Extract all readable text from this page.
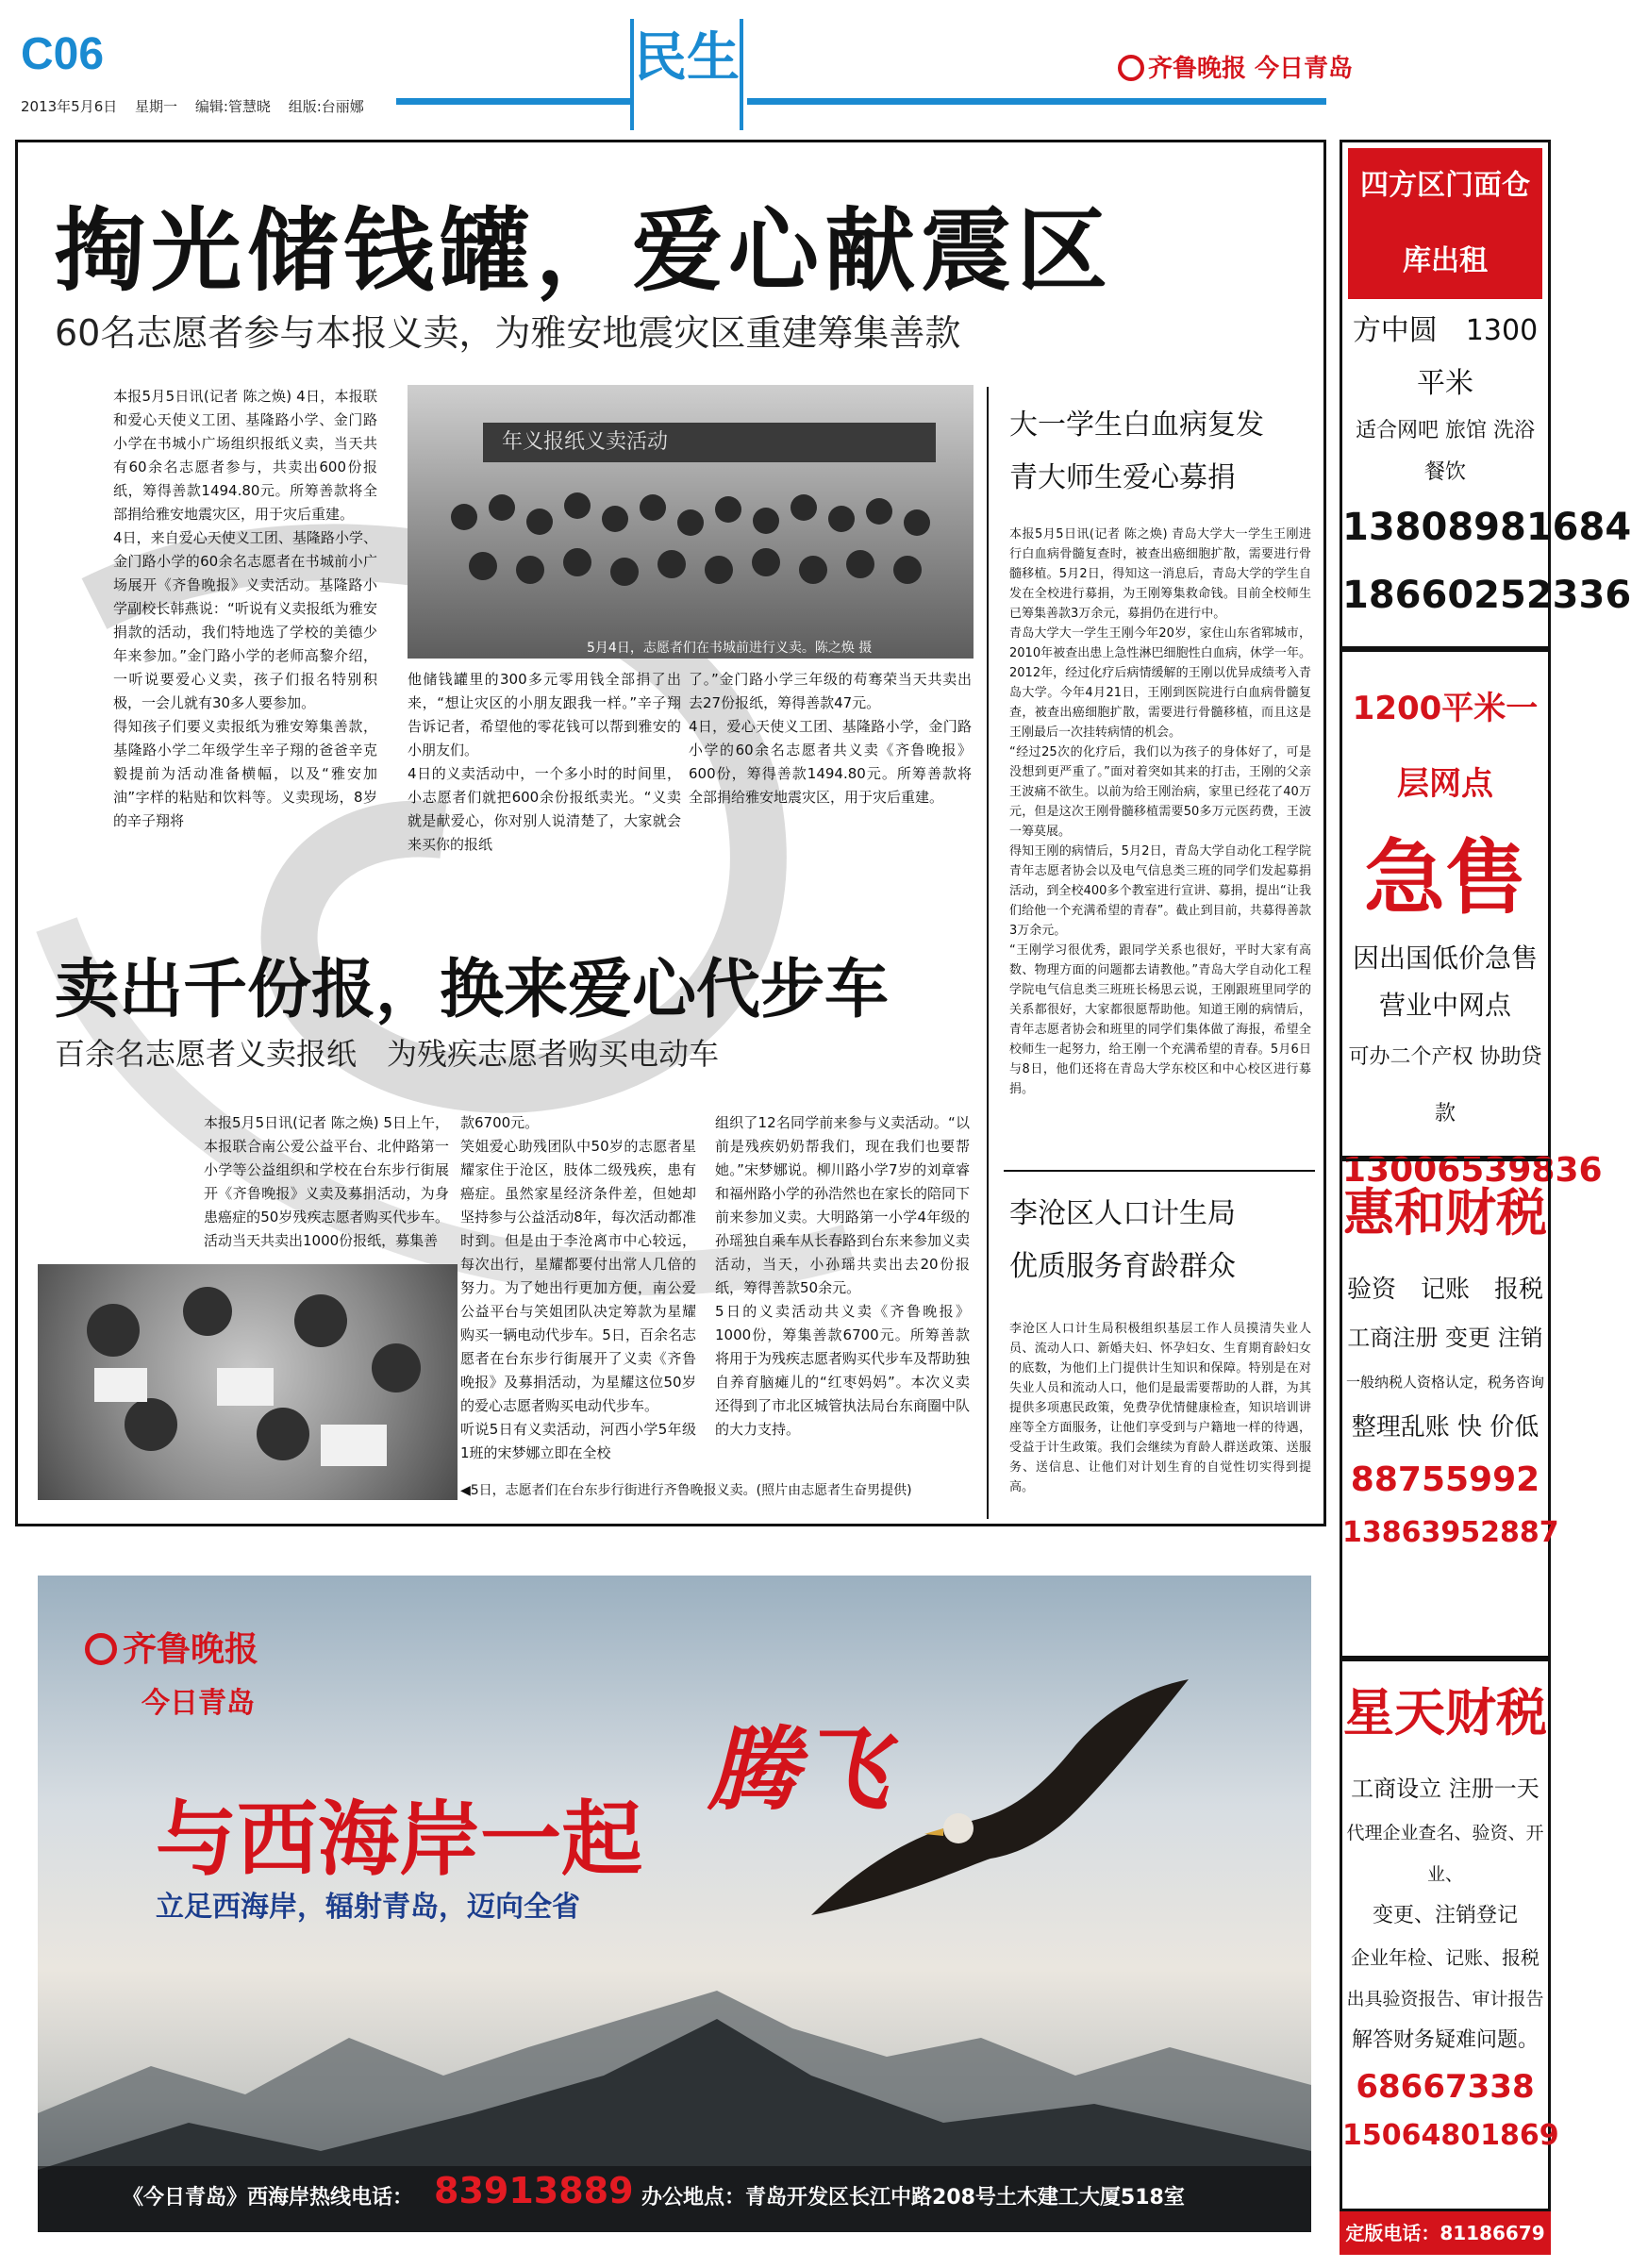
C06
2013年5月6日 星期一 编辑:管慧晓 组版:台丽娜
民生	齐鲁晚报 今日青岛
掏光储钱罐，爱心献震区
60名志愿者参与本报义卖，为雅安地震灾区重建筹集善款
本报5月5日讯(记者 陈之焕) 4日，本报联和爱心天使义工团、基隆路小学、金门路小学在书城小广场组织报纸义卖，当天共有60余名志愿者参与，共卖出600份报纸，筹得善款1494.80元。所筹善款将全部捐给雅安地震灾区，用于灾后重建。
4日，来自爱心天使义工团、基隆路小学、金门路小学的60余名志愿者在书城前小广场展开《齐鲁晚报》义卖活动。基隆路小学副校长韩燕说：“听说有义卖报纸为雅安捐款的活动，我们特地选了学校的美德少年来参加。”金门路小学的老师高黎介绍，一听说要爱心义卖，孩子们报名特别积极，一会儿就有30多人要参加。
得知孩子们要义卖报纸为雅安筹集善款，基隆路小学二年级学生辛子翔的爸爸辛克毅提前为活动准备横幅，以及“雅安加油”字样的粘贴和饮料等。义卖现场，8岁的辛子翔将
年义报纸义卖活动
5月4日，志愿者们在书城前进行义卖。陈之焕 摄
他储钱罐里的300多元零用钱全部捐了出来，“想让灾区的小朋友跟我一样。”辛子翔告诉记者，希望他的零花钱可以帮到雅安的小朋友们。
4日的义卖活动中，一个多小时的时间里，小志愿者们就把600余份报纸卖光。“义卖就是献爱心，你对别人说清楚了，大家就会来买你的报纸
了。”金门路小学三年级的苟骞荣当天共卖出去27份报纸，筹得善款47元。
4日，爱心天使义工团、基隆路小学，金门路小学的60余名志愿者共义卖《齐鲁晚报》600份，筹得善款1494.80元。所筹善款将全部捐给雅安地震灾区，用于灾后重建。
卖出千份报，换来爱心代步车
百余名志愿者义卖报纸　为残疾志愿者购买电动车
本报5月5日讯(记者 陈之焕) 5日上午，本报联合南公爱公益平台、北仲路第一小学等公益组织和学校在台东步行街展开《齐鲁晚报》义卖及募捐活动，为身患癌症的50岁残疾志愿者购买代步车。活动当天共卖出1000份报纸，募集善
款6700元。
笑姐爱心助残团队中50岁的志愿者星耀家住于沧区，肢体二级残疾，患有癌症。虽然家星经济条件差，但她却坚持参与公益活动8年，每次活动都准时到。但是由于李沧离市中心较远，每次出行，星耀都要付出常人几倍的努力。为了她出行更加方便，南公爱公益平台与笑姐团队决定筹款为星耀购买一辆电动代步车。5日，百余名志愿者在台东步行街展开了义卖《齐鲁晚报》及募捐活动，为星耀这位50岁的爱心志愿者购买电动代步车。
听说5日有义卖活动，河西小学5年级1班的宋梦娜立即在全校
组织了12名同学前来参与义卖活动。“以前是残疾奶奶帮我们，现在我们也要帮她。”宋梦娜说。柳川路小学7岁的刘章睿和福州路小学的孙浩然也在家长的陪同下前来参加义卖。大明路第一小学4年级的孙瑶独自乘车从长春路到台东来参加义卖活动，当天，小孙瑶共卖出去20份报纸，筹得善款50余元。
5日的义卖活动共义卖《齐鲁晚报》1000份，筹集善款6700元。所筹善款将用于为残疾志愿者购买代步车及帮助独自养育脑瘫儿的“红枣妈妈”。本次义卖还得到了市北区城管执法局台东商圈中队的大力支持。
◀5日，志愿者们在台东步行街进行齐鲁晚报义卖。(照片由志愿者生奋男提供)
大一学生白血病复发
青大师生爱心募捐
本报5月5日讯(记者 陈之焕) 青岛大学大一学生王刚进行白血病骨髓复查时，被查出癌细胞扩散，需要进行骨髓移植。5月2日，得知这一消息后，青岛大学的学生自发在全校进行募捐，为王刚筹集救命钱。目前全校师生已筹集善款3万余元，募捐仍在进行中。
青岛大学大一学生王刚今年20岁，家住山东省郓城市，2010年被查出患上急性淋巴细胞性白血病，休学一年。2012年，经过化疗后病情缓解的王刚以优异成绩考入青岛大学。今年4月21日，王刚到医院进行白血病骨髓复查，被查出癌细胞扩散，需要进行骨髓移植，而且这是王刚最后一次挂转病情的机会。
“经过25次的化疗后，我们以为孩子的身体好了，可是没想到更严重了。”面对着突如其来的打击，王刚的父亲王波痛不欲生。以前为给王刚治病，家里已经花了40万元，但是这次王刚骨髓移植需要50多万元医药费，王波一筹莫展。
得知王刚的病情后，5月2日，青岛大学自动化工程学院青年志愿者协会以及电气信息类三班的同学们发起募捐活动，到全校400多个教室进行宣讲、募捐，提出“让我们给他一个充满希望的青春”。截止到目前，共募得善款3万余元。
“王刚学习很优秀，跟同学关系也很好，平时大家有高数、物理方面的问题都去请教他。”青岛大学自动化工程学院电气信息类三班班长杨思云说，王刚跟班里同学的关系都很好，大家都很愿帮助他。知道王刚的病情后，青年志愿者协会和班里的同学们集体做了海报，希望全校师生一起努力，给王刚一个充满希望的青春。5月6日与8日，他们还将在青岛大学东校区和中心校区进行募捐。
李沧区人口计生局
优质服务育龄群众
李沧区人口计生局积极组织基层工作人员摸清失业人员、流动人口、新婚夫妇、怀孕妇女、生育期育龄妇女的底数，为他们上门提供计生知识和保障。特别是在对失业人员和流动人口，他们是最需要帮助的人群，为其提供多项惠民政策，免费孕优情健康检查，知识培训讲座等全方面服务，让他们享受到与户籍地一样的待遇，受益于计生政策。我们会继续为育龄人群送政策、送服务、送信息、让他们对计划生育的自觉性切实得到提高。
四方区门面仓库出租
方中圆　1300平米
适合网吧 旅馆 洗浴 餐饮
13808981684
18660252336
1200平米一层网点
急售
因出国低价急售
营业中网点
可办二个产权 协助贷款
13006539836
惠和财税
验资　记账　报税
工商注册 变更 注销
一般纳税人资格认定，税务咨询
整理乱账 快 价低
88755992
13863952887
星天财税
工商设立 注册一天
代理企业查名、验资、开业、
变更、注销登记
企业年检、记账、报税
出具验资报告、审计报告
解答财务疑难问题。
68667338
15064801869
定版电话：81186679
齐鲁晚报
今日青岛
与西海岸一起
腾飞
立足西海岸，辐射青岛，迈向全省
《今日青岛》西海岸热线电话： 83913889 办公地点：青岛开发区长江中路208号土木建工大厦518室
